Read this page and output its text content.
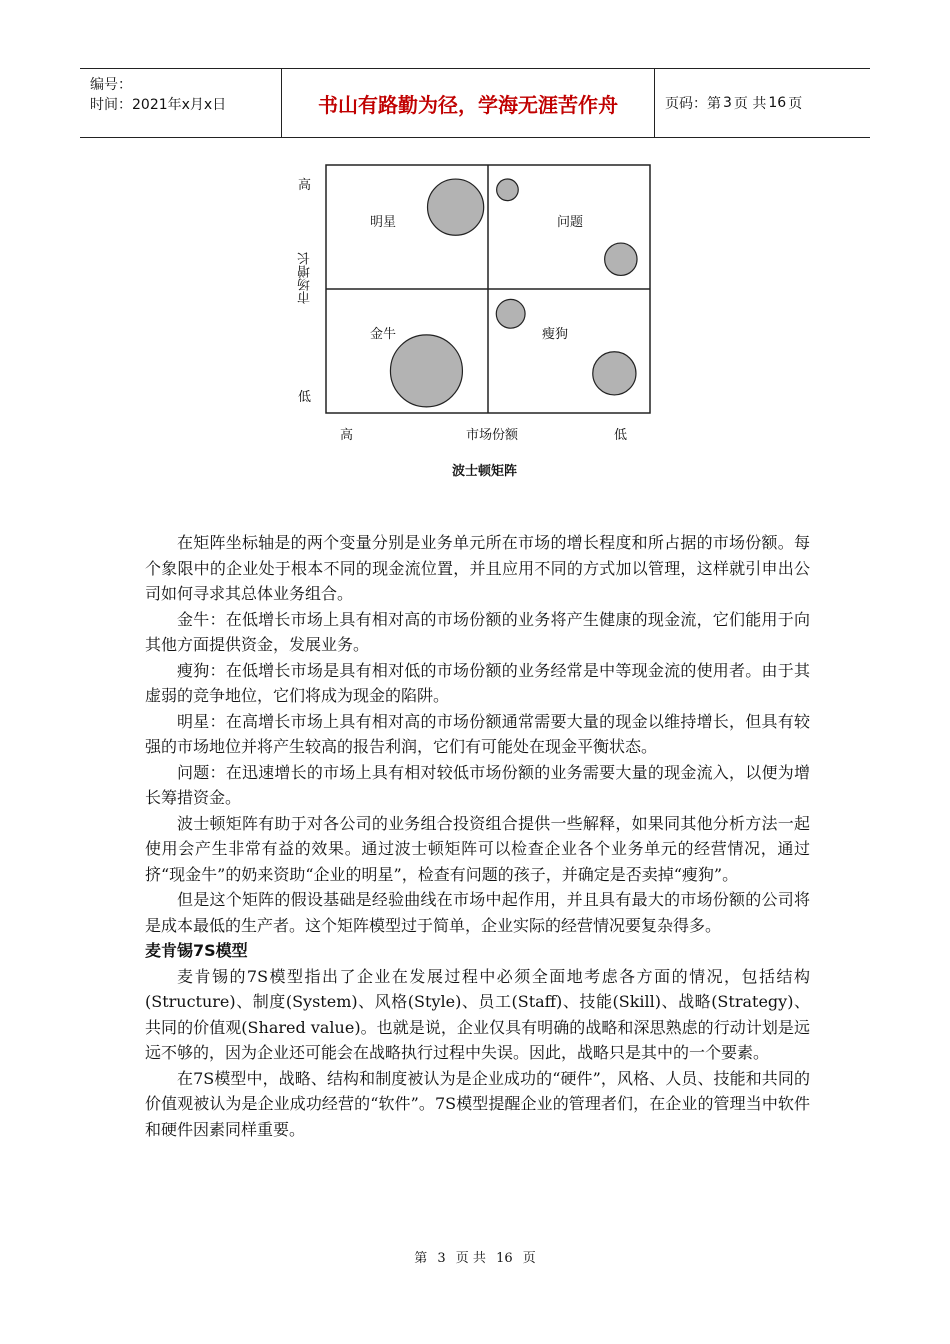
编号：
时间：2021年x月x日	书山有路勤为径，学海无涯苦作舟	页码：第 3 页 共 16 页
高
低
市场增长
明星	问题
金牛	瘦狗
高	市场份额	低
波士顿矩阵

在矩阵坐标轴是的两个变量分别是业务单元所在市场的增长程度和所占据的市场份额。每个象限中的企业处于根本不同的现金流位置，并且应用不同的方式加以管理，这样就引申出公司如何寻求其总体业务组合。

金牛：在低增长市场上具有相对高的市场份额的业务将产生健康的现金流，它们能用于向其他方面提供资金，发展业务。

瘦狗：在低增长市场是具有相对低的市场份额的业务经常是中等现金流的使用者。由于其虚弱的竞争地位，它们将成为现金的陷阱。

明星：在高增长市场上具有相对高的市场份额通常需要大量的现金以维持增长，但具有较强的市场地位并将产生较高的报告利润，它们有可能处在现金平衡状态。

问题：在迅速增长的市场上具有相对较低市场份额的业务需要大量的现金流入，以便为增长筹措资金。

波士顿矩阵有助于对各公司的业务组合投资组合提供一些解释，如果同其他分析方法一起使用会产生非常有益的效果。通过波士顿矩阵可以检查企业各个业务单元的经营情况，通过挤“现金牛”的奶来资助“企业的明星”，检查有问题的孩子，并确定是否卖掉“瘦狗”。

但是这个矩阵的假设基础是经验曲线在市场中起作用，并且具有最大的市场份额的公司将是成本最低的生产者。这个矩阵模型过于简单，企业实际的经营情况要复杂得多。

麦肯锡7S模型

麦肯锡的7S模型指出了企业在发展过程中必须全面地考虑各方面的情况，包括结构(Structure)、制度(System)、风格(Style)、员工(Staff)、技能(Skill)、战略(Strategy)、共同的价值观(Shared value)。也就是说，企业仅具有明确的战略和深思熟虑的行动计划是远远不够的，因为企业还可能会在战略执行过程中失误。因此，战略只是其中的一个要素。

在7S模型中，战略、结构和制度被认为是企业成功的“硬件”，风格、人员、技能和共同的价值观被认为是企业成功经营的“软件”。7S模型提醒企业的管理者们，在企业的管理当中软件和硬件因素同样重要。

第 3 页 共 16 页
